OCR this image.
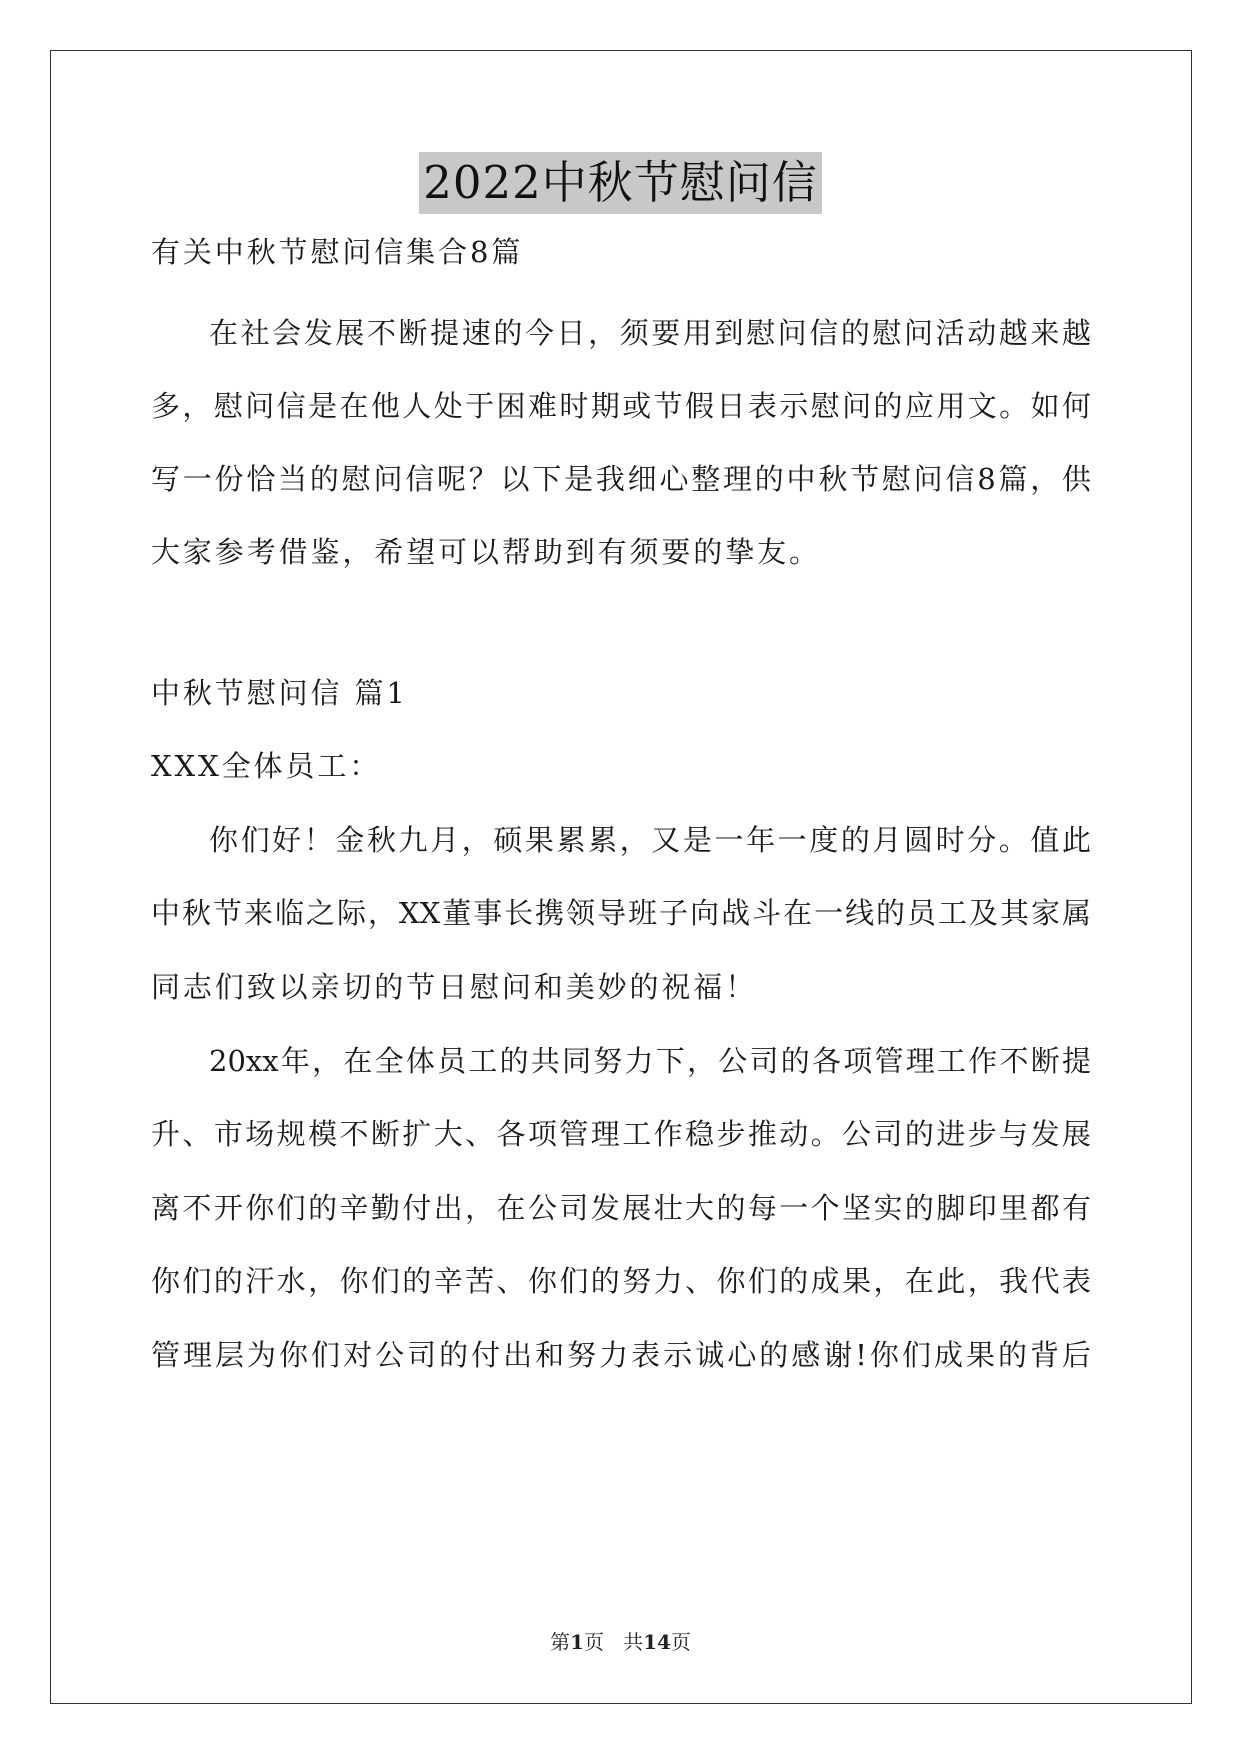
2022中秋节慰问信
有关中秋节慰问信集合8篇
在社会发展不断提速的今日，须要用到慰问信的慰问活动越来越
多，慰问信是在他人处于困难时期或节假日表示慰问的应用文。如何
写一份恰当的慰问信呢？以下是我细心整理的中秋节慰问信8篇，供
大家参考借鉴，希望可以帮助到有须要的挚友。
中秋节慰问信 篇1
XXX全体员工：
你们好！金秋九月，硕果累累，又是一年一度的月圆时分。值此
中秋节来临之际，XX董事长携领导班子向战斗在一线的员工及其家属
同志们致以亲切的节日慰问和美妙的祝福！
20xx年，在全体员工的共同努力下，公司的各项管理工作不断提
升、市场规模不断扩大、各项管理工作稳步推动。公司的进步与发展
离不开你们的辛勤付出，在公司发展壮大的每一个坚实的脚印里都有
你们的汗水，你们的辛苦、你们的努力、你们的成果，在此，我代表
管理层为你们对公司的付出和努力表示诚心的感谢!你们成果的背后
第1页 共14页
